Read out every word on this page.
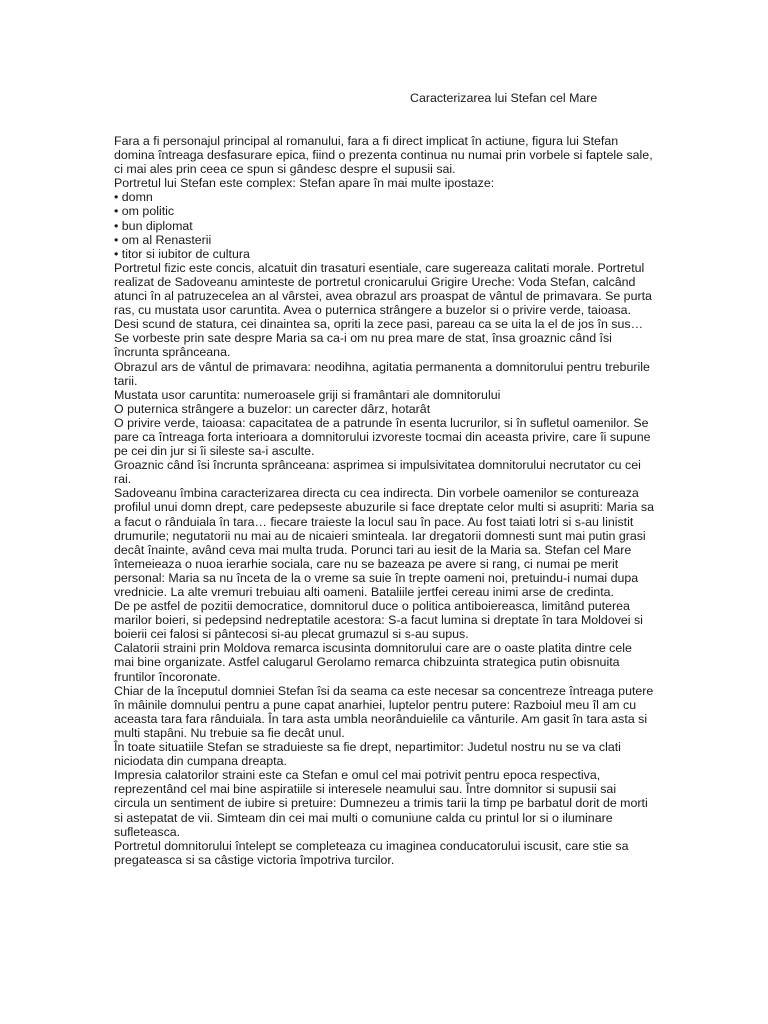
Caracterizarea lui Stefan cel Mare

Fara a fi personajul principal al romanului, fara a fi direct implicat în actiune, figura lui Stefan domina întreaga desfasurare epica, fiind o prezenta continua nu numai prin vorbele si faptele sale, ci mai ales prin ceea ce spun si gândesc despre el supusii sai.

Portretul lui Stefan este complex: Stefan apare în mai multe ipostaze:

• domn
• om politic
• bun diplomat
• om al Renasterii
• titor si iubitor de cultura

Portretul fizic este concis, alcatuit din trasaturi esentiale, care sugereaza calitati morale. Portretul realizat de Sadoveanu aminteste de portretul cronicarului Grigire Ureche: Voda Stefan, calcând atunci în al patruzecelea an al vârstei, avea obrazul ars proaspat de vântul de primavara. Se purta ras, cu mustata usor caruntita. Avea o puternica strângere a buzelor si o privire verde, taioasa. Desi scund de statura, cei dinaintea sa, opriti la zece pasi, pareau ca se uita la el de jos în sus… Se vorbeste prin sate despre Maria sa ca-i om nu prea mare de stat, însa groaznic când îsi încrunta sprânceana.

Obrazul ars de vântul de primavara: neodihna, agitatia permanenta a domnitorului pentru treburile tarii.

Mustata usor caruntita: numeroasele griji si framântari ale domnitorului

O puternica strângere a buzelor: un carecter dârz, hotarât

O privire verde, taioasa: capacitatea de a patrunde în esenta lucrurilor, si în sufletul oamenilor. Se pare ca întreaga forta interioara a domnitorului izvoreste tocmai din aceasta privire, care îi supune pe cei din jur si îi sileste sa-i asculte.

Groaznic când îsi încrunta sprânceana: asprimea si impulsivitatea domnitorului necrutator cu cei rai.

Sadoveanu îmbina caracterizarea directa cu cea indirecta. Din vorbele oamenilor se contureaza profilul unui domn drept, care pedepseste abuzurile si face dreptate celor multi si asupriti: Maria sa a facut o rânduiala în tara… fiecare traieste la locul sau în pace. Au fost taiati lotri si s-au linistit drumurile; negutatorii nu mai au de nicaieri sminteala. Iar dregatorii domnesti sunt mai putin grasi decât înainte, având ceva mai multa truda. Porunci tari au iesit de la Maria sa. Stefan cel Mare întemeieaza o nuoa ierarhie sociala, care nu se bazeaza pe avere si rang, ci numai pe merit personal: Maria sa nu înceta de la o vreme sa suie în trepte oameni noi, pretuindu-i numai dupa vrednicie. La alte vremuri trebuiau alti oameni. Bataliile jertfei cereau inimi arse de credinta.

De pe astfel de pozitii democratice, domnitorul duce o politica antiboiereasca, limitând puterea marilor boieri, si pedepsind nedreptatile acestora: S-a facut lumina si dreptate în tara Moldovei si boierii cei falosi si pântecosi si-au plecat grumazul si s-au supus.

Calatorii straini prin Moldova remarca iscusinta domnitorului care are o oaste platita dintre cele mai bine organizate. Astfel calugarul Gerolamo remarca chibzuinta strategica putin obisnuita fruntilor încoronate.

Chiar de la începutul domniei Stefan îsi da seama ca este necesar sa concentreze întreaga putere în mâinile domnului pentru a pune capat anarhiei, luptelor pentru putere: Razboiul meu îl am cu aceasta tara fara rânduiala. În tara asta umbla neorânduielile ca vânturile. Am gasit în tara asta si multi stapâni. Nu trebuie sa fie decât unul.

În toate situatiile Stefan se straduieste sa fie drept, nepartimitor: Judetul nostru nu se va clati niciodata din cumpana dreapta.

Impresia calatorilor straini este ca Stefan e omul cel mai potrivit pentru epoca respectiva, reprezentând cel mai bine aspiratiile si interesele neamului sau. Între domnitor si supusii sai circula un sentiment de iubire si pretuire: Dumnezeu a trimis tarii la timp pe barbatul dorit de morti si astepatat de vii. Simteam din cei mai multi o comuniune calda cu printul lor si o iluminare sufleteasca.

Portretul domnitorului întelept se completeaza cu imaginea conducatorului iscusit, care stie sa pregateasca si sa câstige victoria împotriva turcilor.
